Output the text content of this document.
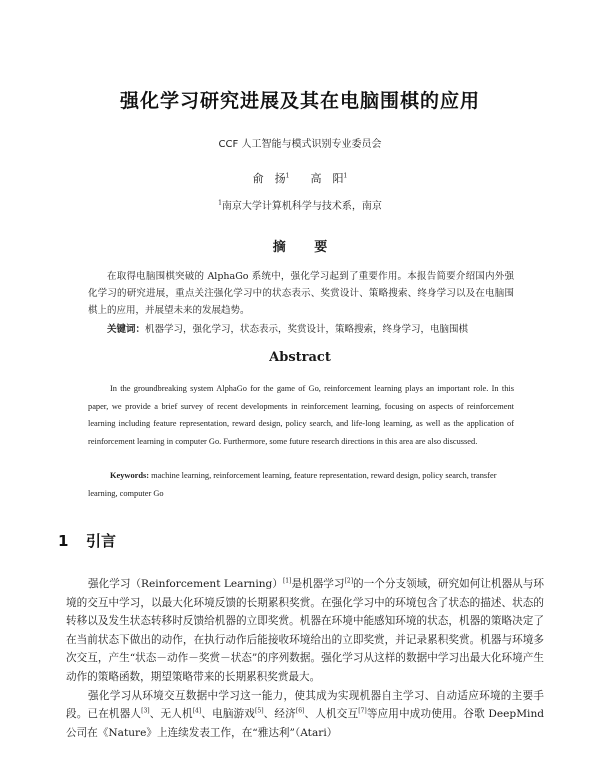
强化学习研究进展及其在电脑围棋的应用
CCF 人工智能与模式识别专业委员会
俞　扬$^1$ 高　阳$^1$
$^1$南京大学计算机科学与技术系，南京
摘 要
在取得电脑围棋突破的 AlphaGo 系统中，强化学习起到了重要作用。本报告简要介绍国内外强化学习的研究进展，重点关注强化学习中的状态表示、奖赏设计、策略搜索、终身学习以及在电脑围棋上的应用，并展望未来的发展趋势。
关键词：机器学习，强化学习，状态表示，奖赏设计，策略搜索，终身学习，电脑围棋
Abstract
In the groundbreaking system AlphaGo for the game of Go, reinforcement learning plays an important role. In this paper, we provide a brief survey of recent developments in reinforcement learning, focusing on aspects of reinforcement learning including feature representation, reward design, policy search, and life-long learning, as well as the application of reinforcement learning in computer Go. Furthermore, some future research directions in this area are also discussed.
Keywords: machine learning, reinforcement learning, feature representation, reward design, policy search, transfer learning, computer Go
1 引言

强化学习（Reinforcement Learning）[1]是机器学习[2]的一个分支领域，研究如何让机器从与环境的交互中学习，以最大化环境反馈的长期累积奖赏。在强化学习中的环境包含了状态的描述、状态的转移以及发生状态转移时反馈给机器的立即奖赏。机器在环境中能感知环境的状态，机器的策略决定了在当前状态下做出的动作，在执行动作后能接收环境给出的立即奖赏，并记录累积奖赏。机器与环境多次交互，产生“状态－动作－奖赏－状态”的序列数据。强化学习从这样的数据中学习出最大化环境产生动作的策略函数，期望策略带来的长期累积奖赏最大。

强化学习从环境交互数据中学习这一能力，使其成为实现机器自主学习、自动适应环境的主要手段。已在机器人[3]、无人机[4]、电脑游戏[5]、经济[6]、人机交互[7]等应用中成功使用。谷歌 DeepMind 公司在《Nature》上连续发表工作，在“雅达利”（Atari）
